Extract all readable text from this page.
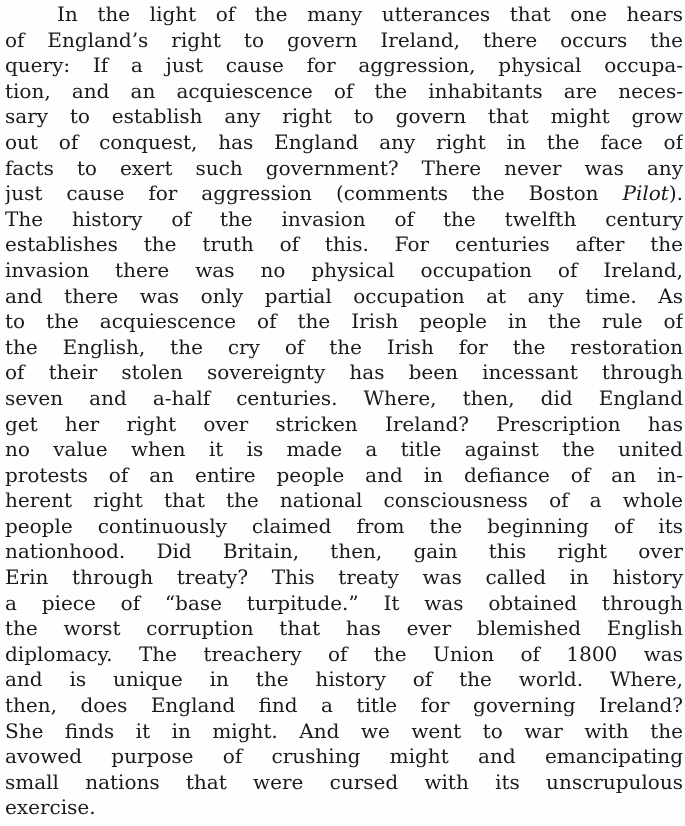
In the light of the many utterances that one hears
of England’s right to govern Ireland, there occurs the
query: If a just cause for aggression, physical occupa-
tion, and an acquiescence of the inhabitants are neces-
sary to establish any right to govern that might grow
out of conquest, has England any right in the face of
facts to exert such government? There never was any
just cause for aggression (comments the Boston Pilot).
The history of the invasion of the twelfth century
establishes the truth of this. For centuries after the
invasion there was no physical occupation of Ireland,
and there was only partial occupation at any time. As
to the acquiescence of the Irish people in the rule of
the English, the cry of the Irish for the restoration
of their stolen sovereignty has been incessant through
seven and a-half centuries. Where, then, did England
get her right over stricken Ireland? Prescription has
no value when it is made a title against the united
protests of an entire people and in defiance of an in-
herent right that the national consciousness of a whole
people continuously claimed from the beginning of its
nationhood. Did Britain, then, gain this right over
Erin through treaty? This treaty was called in history
a piece of “base turpitude.” It was obtained through
the worst corruption that has ever blemished English
diplomacy. The treachery of the Union of 1800 was
and is unique in the history of the world. Where,
then, does England find a title for governing Ireland?
She finds it in might. And we went to war with the
avowed purpose of crushing might and emancipating
small nations that were cursed with its unscrupulous
exercise.
